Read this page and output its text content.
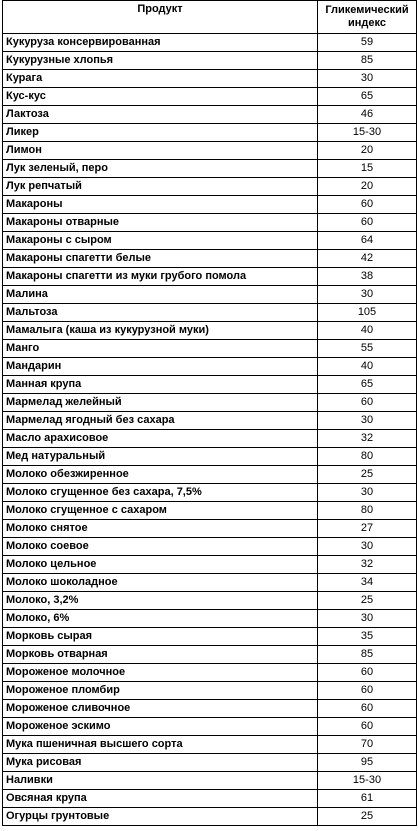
Продукт	Гликемический индекс
Кукуруза консервированная	59
Кукурузные хлопья	85
Курага	30
Кус-кус	65
Лактоза	46
Ликер	15-30
Лимон	20
Лук зеленый, перо	15
Лук репчатый	20
Макароны	60
Макароны отварные	60
Макароны с сыром	64
Макароны спагетти белые	42
Макароны спагетти из муки грубого помола	38
Малина	30
Мальтоза	105
Мамалыга (каша из кукурузной муки)	40
Манго	55
Мандарин	40
Манная крупа	65
Мармелад желейный	60
Мармелад ягодный без сахара	30
Масло арахисовое	32
Мед натуральный	80
Молоко обезжиренное	25
Молоко сгущенное без сахара, 7,5%	30
Молоко сгущенное с сахаром	80
Молоко снятое	27
Молоко соевое	30
Молоко цельное	32
Молоко шоколадное	34
Молоко, 3,2%	25
Молоко, 6%	30
Морковь сырая	35
Морковь отварная	85
Мороженое молочное	60
Мороженое пломбир	60
Мороженое сливочное	60
Мороженое эскимо	60
Мука пшеничная высшего сорта	70
Мука рисовая	95
Наливки	15-30
Овсяная крупа	61
Огурцы грунтовые	25
